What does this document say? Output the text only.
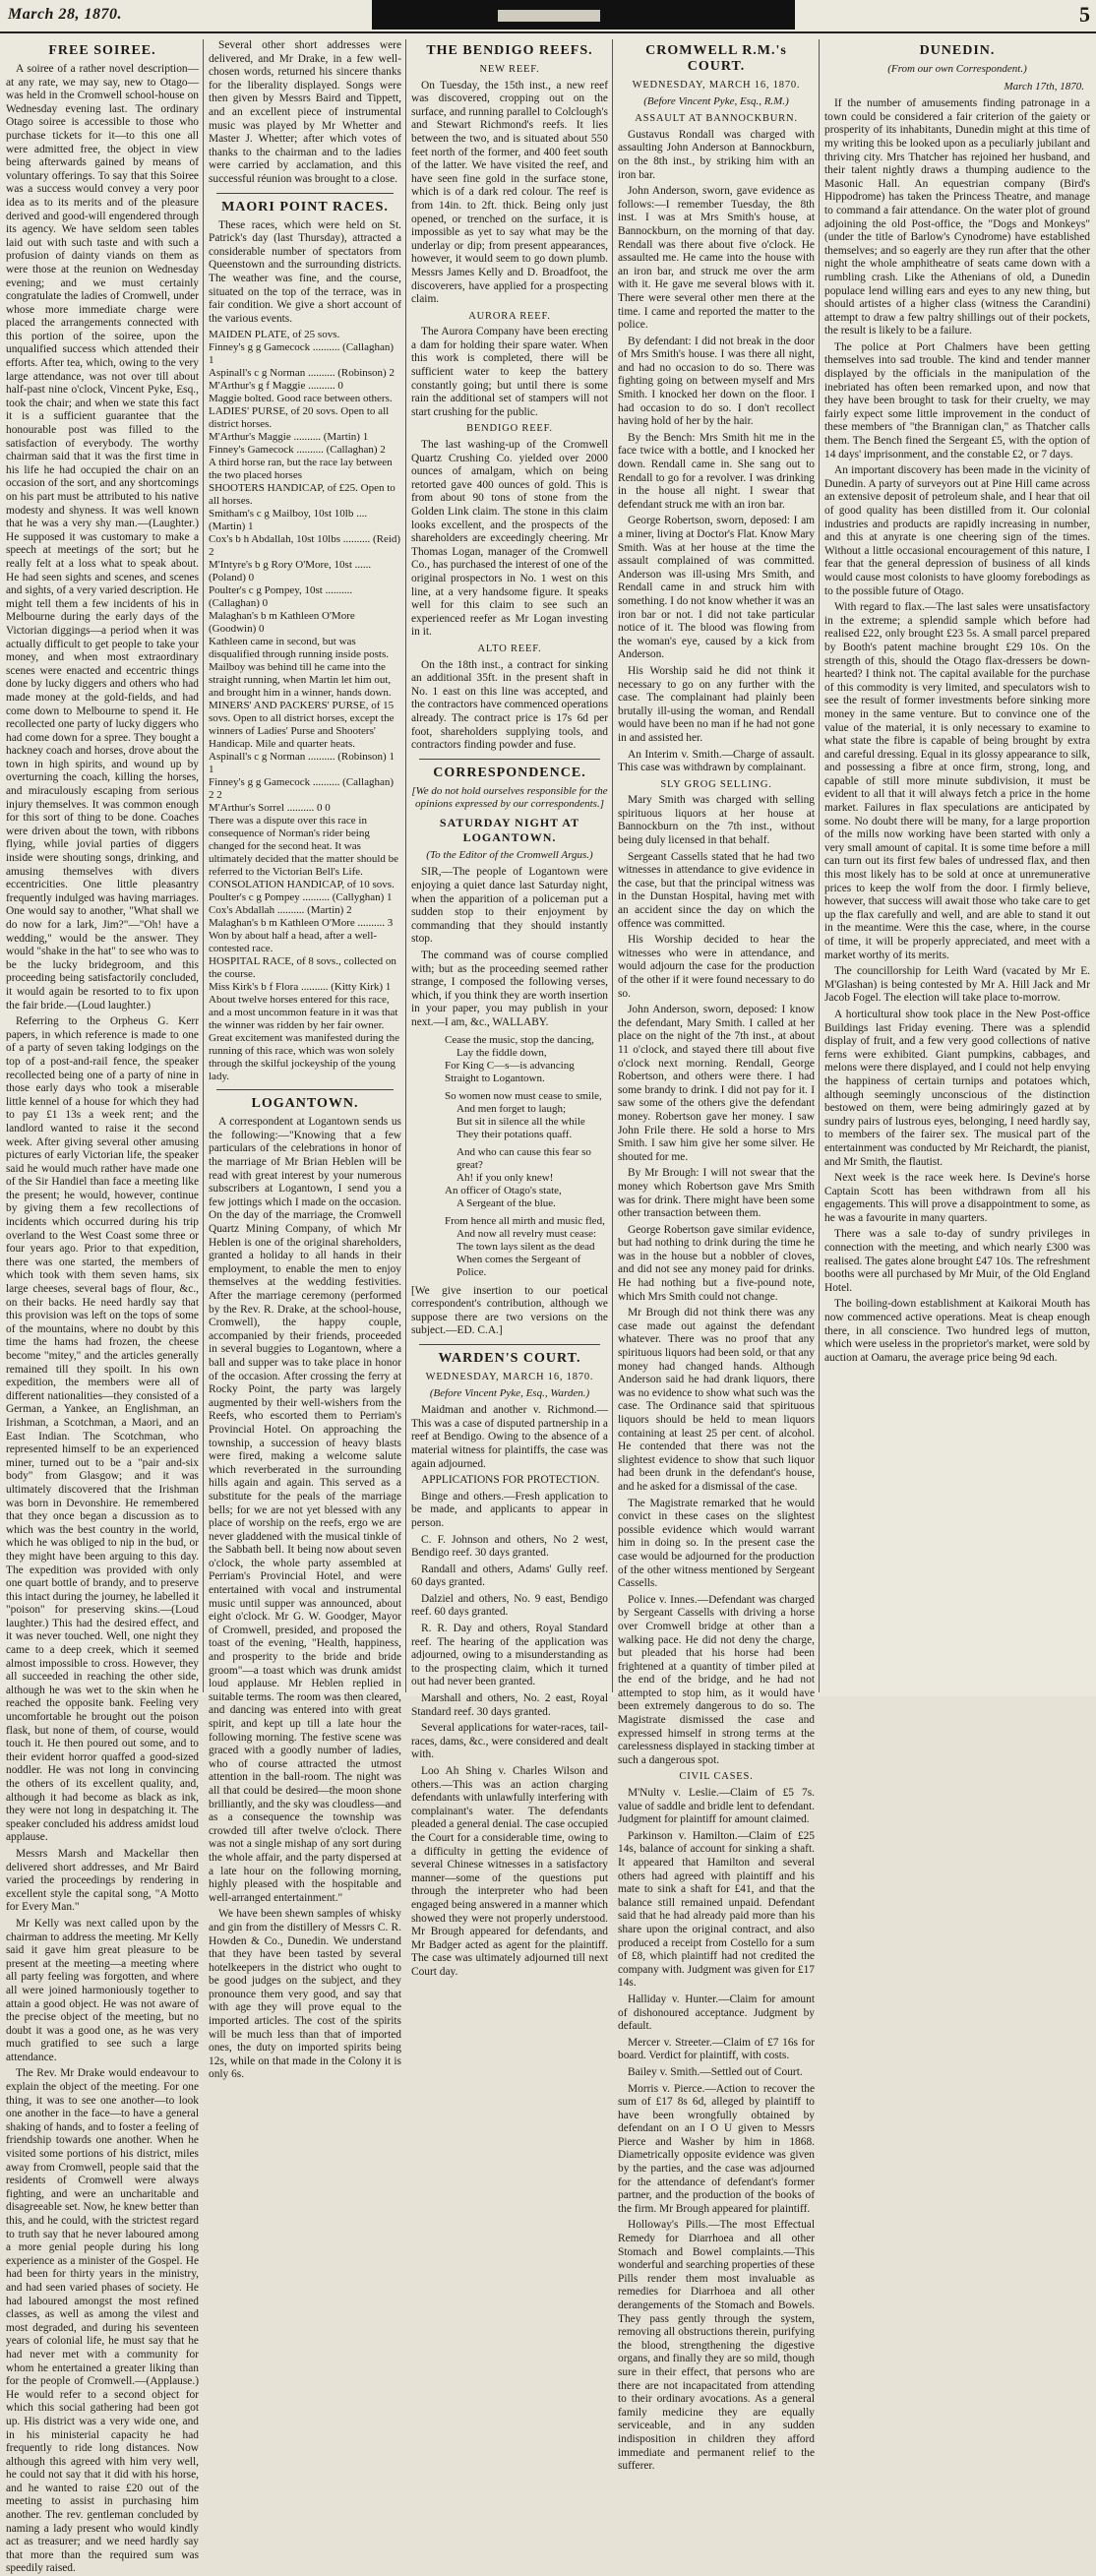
March 28, 1870.	5
FREE SOIREE.

A soiree of a rather novel description—at any rate, we may say, new to Otago—was held in the Cromwell school-house on Wednesday evening last. The ordinary Otago soiree is accessible to those who purchase tickets for it—to this one all were admitted free, the object in view being afterwards gained by means of voluntary offerings. To say that this Soiree was a success would convey a very poor idea as to its merits and of the pleasure derived and good-will engendered through its agency. We have seldom seen tables laid out with such taste and with such a profusion of dainty viands on them as were those at the reunion on Wednesday evening; and we must certainly congratulate the ladies of Cromwell, under whose more immediate charge were placed the arrangements connected with this portion of the soiree, upon the unqualified success which attended their efforts. After tea, which, owing to the very large attendance, was not over till about half-past nine o'clock, Vincent Pyke, Esq., took the chair; and when we state this fact it is a sufficient guarantee that the honourable post was filled to the satisfaction of everybody. The worthy chairman said that it was the first time in his life he had occupied the chair on an occasion of the sort, and any shortcomings on his part must be attributed to his native modesty and shyness. It was well known that he was a very shy man.—(Laughter.) He supposed it was customary to make a speech at meetings of the sort; but he really felt at a loss what to speak about. He had seen sights and scenes, and scenes and sights, of a very varied description. He might tell them a few incidents of his in Melbourne during the early days of the Victorian diggings—a period when it was actually difficult to get people to take your money, and when most extraordinary scenes were enacted and eccentric things done by lucky diggers and others who had made money at the gold-fields, and had come down to Melbourne to spend it. He recollected one party of lucky diggers who had come down for a spree. They bought a hackney coach and horses, drove about the town in high spirits, and wound up by overturning the coach, killing the horses, and miraculously escaping from serious injury themselves. It was common enough for this sort of thing to be done. Coaches were driven about the town, with ribbons flying, while jovial parties of diggers inside were shouting songs, drinking, and amusing themselves with divers eccentricities. One little pleasantry frequently indulged was having marriages. One would say to another, "What shall we do now for a lark, Jim?"—"Oh! have a wedding," would be the answer. They would "shake in the hat" to see who was to be the lucky bridegroom, and this proceeding being satisfactorily concluded, it would again be resorted to to fix upon the fair bride.—(Loud laughter.)

Referring to the Orpheus G. Kerr papers, in which reference is made to one of a party of seven taking lodgings on the top of a post-and-rail fence, the speaker recollected being one of a party of nine in those early days who took a miserable little kennel of a house for which they had to pay £1 13s a week rent; and the landlord wanted to raise it the second week. After giving several other amusing pictures of early Victorian life, the speaker said he would much rather have made one of the Sir Handiel than face a meeting like the present; he would, however, continue by giving them a few recollections of incidents which occurred during his trip overland to the West Coast some three or four years ago. Prior to that expedition, there was one started, the members of which took with them seven hams, six large cheeses, several bags of flour, &c., on their backs. He need hardly say that this provision was left on the tops of some of the mountains, where no doubt by this time the hams had frozen, the cheese become "mitey," and the articles generally remained till they spoilt. In his own expedition, the members were all of different nationalities—they consisted of a German, a Yankee, an Englishman, an Irishman, a Scotchman, a Maori, and an East Indian. The Scotchman, who represented himself to be an experienced miner, turned out to be a "pair and-six body" from Glasgow; and it was ultimately discovered that the Irishman was born in Devonshire. He remembered that they once began a discussion as to which was the best country in the world, which he was obliged to nip in the bud, or they might have been arguing to this day. The expedition was provided with only one quart bottle of brandy, and to preserve this intact during the journey, he labelled it "poison" for preserving skins.—(Loud laughter.) This had the desired effect, and it was never touched. Well, one night they came to a deep creek, which it seemed almost impossible to cross. However, they all succeeded in reaching the other side, although he was wet to the skin when he reached the opposite bank. Feeling very uncomfortable he brought out the poison flask, but none of them, of course, would touch it. He then poured out some, and to their evident horror quaffed a good-sized noddler. He was not long in convincing the others of its excellent quality, and, although it had become as black as ink, they were not long in despatching it. The speaker concluded his address amidst loud applause.

Messrs Marsh and Mackellar then delivered short addresses, and Mr Baird varied the proceedings by rendering in excellent style the capital song, "A Motto for Every Man."

Mr Kelly was next called upon by the chairman to address the meeting. Mr Kelly said it gave him great pleasure to be present at the meeting—a meeting where all party feeling was forgotten, and where all were joined harmoniously together to attain a good object. He was not aware of the precise object of the meeting, but no doubt it was a good one, as he was very much gratified to see such a large attendance.

The Rev. Mr Drake would endeavour to explain the object of the meeting. For one thing, it was to see one another—to look one another in the face—to have a general shaking of hands, and to foster a feeling of friendship towards one another. When he visited some portions of his district, miles away from Cromwell, people said that the residents of Cromwell were always fighting, and were an uncharitable and disagreeable set. Now, he knew better than this, and he could, with the strictest regard to truth say that he never laboured among a more genial people during his long experience as a minister of the Gospel. He had been for thirty years in the ministry, and had seen varied phases of society. He had laboured amongst the most refined classes, as well as among the vilest and most degraded, and during his seventeen years of colonial life, he must say that he had never met with a community for whom he entertained a greater liking than for the people of Cromwell.—(Applause.) He would refer to a second object for which this social gathering had been got up. His district was a very wide one, and in his ministerial capacity he had frequently to ride long distances. Now although this agreed with him very well, he could not say that it did with his horse, and he wanted to raise £20 out of the meeting to assist in purchasing him another. The rev. gentleman concluded by naming a lady present who would kindly act as treasurer; and we need hardly say that more than the required sum was speedily raised.

Several other short addresses were delivered, and Mr Drake, in a few well-chosen words, returned his sincere thanks for the liberality displayed. Songs were then given by Messrs Baird and Tippett, and an excellent piece of instrumental music was played by Mr Whetter and Master J. Whetter; after which votes of thanks to the chairman and to the ladies were carried by acclamation, and this successful réunion was brought to a close.

MAORI POINT RACES.

These races, which were held on St. Patrick's day (last Thursday), attracted a considerable number of spectators from Queenstown and the surrounding districts. The weather was fine, and the course, situated on the top of the terrace, was in fair condition. We give a short account of the various events.

MAIDEN PLATE, of 25 sovs.
Finney's g g Gamecock .......... (Callaghan) 1
Aspinall's c g Norman .......... (Robinson) 2
M'Arthur's g f Maggie .......... 0
Maggie bolted. Good race between others.
LADIES' PURSE, of 20 sovs. Open to all district horses.
M'Arthur's Maggie .......... (Martin) 1
Finney's Gamecock .......... (Callaghan) 2
A third horse ran, but the race lay between the two placed horses
SHOOTERS HANDICAP, of £25. Open to all horses.
Smitham's c g Mailboy, 10st 10lb .... (Martin) 1
Cox's b h Abdallah, 10st 10lbs .......... (Reid) 2
M'Intyre's b g Rory O'More, 10st ...... (Poland) 0
Poulter's c g Pompey, 10st .......... (Callaghan) 0
Malaghan's b m Kathleen O'More (Goodwin) 0
Kathleen came in second, but was disqualified through running inside posts. Mailboy was behind till he came into the straight running, when Martin let him out, and brought him in a winner, hands down.
MINERS' AND PACKERS' PURSE, of 15 sovs. Open to all district horses, except the winners of Ladies' Purse and Shooters' Handicap. Mile and quarter heats.
Aspinall's c g Norman .......... (Robinson) 1 1
Finney's g g Gamecock .......... (Callaghan) 2 2
M'Arthur's Sorrel .......... 0 0
There was a dispute over this race in consequence of Norman's rider being changed for the second heat. It was ultimately decided that the matter should be referred to the Victorian Bell's Life.
CONSOLATION HANDICAP, of 10 sovs.
Poulter's c g Pompey .......... (Callyghan) 1
Cox's Abdallah .......... (Martin) 2
Malaghan's b m Kathleen O'More .......... 3
Won by about half a head, after a well-contested race.
HOSPITAL RACE, of 8 sovs., collected on the course.
Miss Kirk's b f Flora .......... (Kitty Kirk) 1
About twelve horses entered for this race, and a most uncommon feature in it was that the winner was ridden by her fair owner. Great excitement was manifested during the running of this race, which was won solely through the skilful jockeyship of the young lady.
LOGANTOWN.

A correspondent at Logantown sends us the following:—"Knowing that a few particulars of the celebrations in honor of the marriage of Mr Brian Heblen will be read with great interest by your numerous subscribers at Logantown, I send you a few jottings which I made on the occasion. On the day of the marriage, the Cromwell Quartz Mining Company, of which Mr Heblen is one of the original shareholders, granted a holiday to all hands in their employment, to enable the men to enjoy themselves at the wedding festivities. After the marriage ceremony (performed by the Rev. R. Drake, at the school-house, Cromwell), the happy couple, accompanied by their friends, proceeded in several buggies to Logantown, where a ball and supper was to take place in honor of the occasion. After crossing the ferry at Rocky Point, the party was largely augmented by their well-wishers from the Reefs, who escorted them to Perriam's Provincial Hotel. On approaching the township, a succession of heavy blasts were fired, making a welcome salute which reverberated in the surrounding hills again and again. This served as a substitute for the peals of the marriage bells; for we are not yet blessed with any place of worship on the reefs, ergo we are never gladdened with the musical tinkle of the Sabbath bell. It being now about seven o'clock, the whole party assembled at Perriam's Provincial Hotel, and were entertained with vocal and instrumental music until supper was announced, about eight o'clock. Mr G. W. Goodger, Mayor of Cromwell, presided, and proposed the toast of the evening, "Health, happiness, and prosperity to the bride and bride groom"—a toast which was drunk amidst loud applause. Mr Heblen replied in suitable terms. The room was then cleared, and dancing was entered into with great spirit, and kept up till a late hour the following morning. The festive scene was graced with a goodly number of ladies, who of course attracted the utmost attention in the ball-room. The night was all that could be desired—the moon shone brilliantly, and the sky was cloudless—and as a consequence the township was crowded till after twelve o'clock. There was not a single mishap of any sort during the whole affair, and the party dispersed at a late hour on the following morning, highly pleased with the hospitable and well-arranged entertainment."

We have been shewn samples of whisky and gin from the distillery of Messrs C. R. Howden & Co., Dunedin. We understand that they have been tasted by several hotelkeepers in the district who ought to be good judges on the subject, and they pronounce them very good, and say that with age they will prove equal to the imported articles. The cost of the spirits will be much less than that of imported ones, the duty on imported spirits being 12s, while on that made in the Colony it is only 6s.

THE BENDIGO REEFS.
NEW REEF.

On Tuesday, the 15th inst., a new reef was discovered, cropping out on the surface, and running parallel to Colclough's and Stewart Richmond's reefs. It lies between the two, and is situated about 550 feet north of the former, and 400 feet south of the latter. We have visited the reef, and have seen fine gold in the surface stone, which is of a dark red colour. The reef is from 14in. to 2ft. thick. Being only just opened, or trenched on the surface, it is impossible as yet to say what may be the underlay or dip; from present appearances, however, it would seem to go down plumb. Messrs James Kelly and D. Broadfoot, the discoverers, have applied for a prospecting claim.

AURORA REEF.

The Aurora Company have been erecting a dam for holding their spare water. When this work is completed, there will be sufficient water to keep the battery constantly going; but until there is some rain the additional set of stampers will not start crushing for the public.

BENDIGO REEF.

The last washing-up of the Cromwell Quartz Crushing Co. yielded over 2000 ounces of amalgam, which on being retorted gave 400 ounces of gold. This is from about 90 tons of stone from the Golden Link claim. The stone in this claim looks excellent, and the prospects of the shareholders are exceedingly cheering. Mr Thomas Logan, manager of the Cromwell Co., has purchased the interest of one of the original prospectors in No. 1 west on this line, at a very handsome figure. It speaks well for this claim to see such an experienced reefer as Mr Logan investing in it.

ALTO REEF.

On the 18th inst., a contract for sinking an additional 35ft. in the present shaft in No. 1 east on this line was accepted, and the contractors have commenced operations already. The contract price is 17s 6d per foot, shareholders supplying tools, and contractors finding powder and fuse.

CORRESPONDENCE.
[We do not hold ourselves responsible for the opinions expressed by our correspondents.]
SATURDAY NIGHT AT LOGANTOWN.
(To the Editor of the Cromwell Argus.)

SIR,—The people of Logantown were enjoying a quiet dance last Saturday night, when the apparition of a policeman put a sudden stop to their enjoyment by commanding that they should instantly stop.

The command was of course complied with; but as the proceeding seemed rather strange, I composed the following verses, which, if you think they are worth insertion in your paper, you may publish in your next.—I am, &c., WALLABY.

Cease the music, stop the dancing,
Lay the fiddle down,
For King C—s—is advancing
Straight to Logantown.
So women now must cease to smile,
And men forget to laugh;
But sit in silence all the while
They their potations quaff.
And who can cause this fear so great?
Ah! if you only knew!
An officer of Otago's state,
A Sergeant of the blue.
From hence all mirth and music fled,
And now all revelry must cease:
The town lays silent as the dead
When comes the Sergeant of Police.

[We give insertion to our poetical correspondent's contribution, although we suppose there are two versions on the subject.—ED. C.A.]

WARDEN'S COURT.
WEDNESDAY, MARCH 16, 1870.
(Before Vincent Pyke, Esq., Warden.)

Maidman and another v. Richmond.—This was a case of disputed partnership in a reef at Bendigo. Owing to the absence of a material witness for plaintiffs, the case was again adjourned.

APPLICATIONS FOR PROTECTION.

Binge and others.—Fresh application to be made, and applicants to appear in person.

C. F. Johnson and others, No 2 west, Bendigo reef. 30 days granted.

Randall and others, Adams' Gully reef. 60 days granted.

Dalziel and others, No. 9 east, Bendigo reef. 60 days granted.

R. R. Day and others, Royal Standard reef. The hearing of the application was adjourned, owing to a misunderstanding as to the prospecting claim, which it turned out had never been granted.

Marshall and others, No. 2 east, Royal Standard reef. 30 days granted.

Several applications for water-races, tail-races, dams, &c., were considered and dealt with.

Loo Ah Shing v. Charles Wilson and others.—This was an action charging defendants with unlawfully interfering with complainant's water. The defendants pleaded a general denial. The case occupied the Court for a considerable time, owing to a difficulty in getting the evidence of several Chinese witnesses in a satisfactory manner—some of the questions put through the interpreter who had been engaged being answered in a manner which showed they were not properly understood. Mr Brough appeared for defendants, and Mr Badger acted as agent for the plaintiff. The case was ultimately adjourned till next Court day.

CROMWELL R.M.'s COURT.
WEDNESDAY, MARCH 16, 1870.
(Before Vincent Pyke, Esq., R.M.)
ASSAULT AT BANNOCKBURN.

Gustavus Rondall was charged with assaulting John Anderson at Bannockburn, on the 8th inst., by striking him with an iron bar.

John Anderson, sworn, gave evidence as follows:—I remember Tuesday, the 8th inst. I was at Mrs Smith's house, at Bannockburn, on the morning of that day. Rendall was there about five o'clock. He assaulted me. He came into the house with an iron bar, and struck me over the arm with it. He gave me several blows with it. There were several other men there at the time. I came and reported the matter to the police.

By defendant: I did not break in the door of Mrs Smith's house. I was there all night, and had no occasion to do so. There was fighting going on between myself and Mrs Smith. I knocked her down on the floor. I had occasion to do so. I don't recollect having hold of her by the hair.

By the Bench: Mrs Smith hit me in the face twice with a bottle, and I knocked her down. Rendall came in. She sang out to Rendall to go for a revolver. I was drinking in the house all night. I swear that defendant struck me with an iron bar.

George Robertson, sworn, deposed: I am a miner, living at Doctor's Flat. Know Mary Smith. Was at her house at the time the assault complained of was committed. Anderson was ill-using Mrs Smith, and Rendall came in and struck him with something. I do not know whether it was an iron bar or not. I did not take particular notice of it. The blood was flowing from the woman's eye, caused by a kick from Anderson.

His Worship said he did not think it necessary to go on any further with the case. The complainant had plainly been brutally ill-using the woman, and Rendall would have been no man if he had not gone in and assisted her.

An Interim v. Smith.—Charge of assault. This case was withdrawn by complainant.

SLY GROG SELLING.

Mary Smith was charged with selling spirituous liquors at her house at Bannockburn on the 7th inst., without being duly licensed in that behalf.

Sergeant Cassells stated that he had two witnesses in attendance to give evidence in the case, but that the principal witness was in the Dunstan Hospital, having met with an accident since the day on which the offence was committed.

His Worship decided to hear the witnesses who were in attendance, and would adjourn the case for the production of the other if it were found necessary to do so.

John Anderson, sworn, deposed: I know the defendant, Mary Smith. I called at her place on the night of the 7th inst., at about 11 o'clock, and stayed there till about five o'clock next morning. Rendall, George Robertson, and others were there. I had some brandy to drink. I did not pay for it. I saw some of the others give the defendant money. Robertson gave her money. I saw John Frile there. He sold a horse to Mrs Smith. I saw him give her some silver. He shouted for me.

By Mr Brough: I will not swear that the money which Robertson gave Mrs Smith was for drink. There might have been some other transaction between them.

George Robertson gave similar evidence, but had nothing to drink during the time he was in the house but a nobbler of cloves, and did not see any money paid for drinks. He had nothing but a five-pound note, which Mrs Smith could not change.

Mr Brough did not think there was any case made out against the defendant whatever. There was no proof that any spirituous liquors had been sold, or that any money had changed hands. Although Anderson said he had drank liquors, there was no evidence to show what such was the case. The Ordinance said that spirituous liquors should be held to mean liquors containing at least 25 per cent. of alcohol. He contended that there was not the slightest evidence to show that such liquor had been drunk in the defendant's house, and he asked for a dismissal of the case.

The Magistrate remarked that he would convict in these cases on the slightest possible evidence which would warrant him in doing so. In the present case the case would be adjourned for the production of the other witness mentioned by Sergeant Cassells.

Police v. Innes.—Defendant was charged by Sergeant Cassells with driving a horse over Cromwell bridge at other than a walking pace. He did not deny the charge, but pleaded that his horse had been frightened at a quantity of timber piled at the end of the bridge, and he had not attempted to stop him, as it would have been extremely dangerous to do so. The Magistrate dismissed the case and expressed himself in strong terms at the carelessness displayed in stacking timber at such a dangerous spot.

CIVIL CASES.

M'Nulty v. Leslie.—Claim of £5 7s. value of saddle and bridle lent to defendant. Judgment for plaintiff for amount claimed.

Parkinson v. Hamilton.—Claim of £25 14s, balance of account for sinking a shaft. It appeared that Hamilton and several others had agreed with plaintiff and his mate to sink a shaft for £41, and that the balance still remained unpaid. Defendant said that he had already paid more than his share upon the original contract, and also produced a receipt from Costello for a sum of £8, which plaintiff had not credited the company with. Judgment was given for £17 14s.

Halliday v. Hunter.—Claim for amount of dishonoured acceptance. Judgment by default.

Mercer v. Streeter.—Claim of £7 16s for board. Verdict for plaintiff, with costs.

Bailey v. Smith.—Settled out of Court.

Morris v. Pierce.—Action to recover the sum of £17 8s 6d, alleged by plaintiff to have been wrongfully obtained by defendant on an I O U given to Messrs Pierce and Washer by him in 1868. Diametrically opposite evidence was given by the parties, and the case was adjourned for the attendance of defendant's former partner, and the production of the books of the firm. Mr Brough appeared for plaintiff.

Holloway's Pills.—The most Effectual Remedy for Diarrhoea and all other Stomach and Bowel complaints.—This wonderful and searching properties of these Pills render them most invaluable as remedies for Diarrhoea and all other derangements of the Stomach and Bowels. They pass gently through the system, removing all obstructions therein, purifying the blood, strengthening the digestive organs, and finally they are so mild, though sure in their effect, that persons who are there are not incapacitated from attending to their ordinary avocations. As a general family medicine they are equally serviceable, and in any sudden indisposition in children they afford immediate and permanent relief to the sufferer.

DUNEDIN.
(From our own Correspondent.)
March 17th, 1870.

If the number of amusements finding patronage in a town could be considered a fair criterion of the gaiety or prosperity of its inhabitants, Dunedin might at this time of my writing this be looked upon as a peculiarly jubilant and thriving city. Mrs Thatcher has rejoined her husband, and their talent nightly draws a thumping audience to the Masonic Hall. An equestrian company (Bird's Hippodrome) has taken the Princess Theatre, and manage to command a fair attendance. On the water plot of ground adjoining the old Post-office, the "Dogs and Monkeys" (under the title of Barlow's Cynodrome) have established themselves; and so eagerly are they run after that the other night the whole amphitheatre of seats came down with a rumbling crash. Like the Athenians of old, a Dunedin populace lend willing ears and eyes to any new thing, but should artistes of a higher class (witness the Carandini) attempt to draw a few paltry shillings out of their pockets, the result is likely to be a failure.

The police at Port Chalmers have been getting themselves into sad trouble. The kind and tender manner displayed by the officials in the manipulation of the inebriated has often been remarked upon, and now that they have been brought to task for their cruelty, we may fairly expect some little improvement in the conduct of these members of "the Brannigan clan," as Thatcher calls them. The Bench fined the Sergeant £5, with the option of 14 days' imprisonment, and the constable £2, or 7 days.

An important discovery has been made in the vicinity of Dunedin. A party of surveyors out at Pine Hill came across an extensive deposit of petroleum shale, and I hear that oil of good quality has been distilled from it. Our colonial industries and products are rapidly increasing in number, and this at anyrate is one cheering sign of the times. Without a little occasional encouragement of this nature, I fear that the general depression of business of all kinds would cause most colonists to have gloomy forebodings as to the possible future of Otago.

With regard to flax.—The last sales were unsatisfactory in the extreme; a splendid sample which before had realised £22, only brought £23 5s. A small parcel prepared by Booth's patent machine brought £29 10s. On the strength of this, should the Otago flax-dressers be down-hearted? I think not. The capital available for the purchase of this commodity is very limited, and speculators wish to see the result of former investments before sinking more money in the same venture. But to convince one of the value of the material, it is only necessary to examine to what state the fibre is capable of being brought by extra and careful dressing. Equal in its glossy appearance to silk, and possessing a fibre at once firm, strong, long, and capable of still more minute subdivision, it must be evident to all that it will always fetch a price in the home market. Failures in flax speculations are anticipated by some. No doubt there will be many, for a large proportion of the mills now working have been started with only a very small amount of capital. It is some time before a mill can turn out its first few bales of undressed flax, and then this most likely has to be sold at once at unremunerative prices to keep the wolf from the door. I firmly believe, however, that success will await those who take care to get up the flax carefully and well, and are able to stand it out in the meantime. Were this the case, where, in the course of time, it will be properly appreciated, and meet with a market worthy of its merits.

The councillorship for Leith Ward (vacated by Mr E. M'Glashan) is being contested by Mr A. Hill Jack and Mr Jacob Fogel. The election will take place to-morrow.

A horticultural show took place in the New Post-office Buildings last Friday evening. There was a splendid display of fruit, and a few very good collections of native ferns were exhibited. Giant pumpkins, cabbages, and melons were there displayed, and I could not help envying the happiness of certain turnips and potatoes which, although seemingly unconscious of the distinction bestowed on them, were being admiringly gazed at by sundry pairs of lustrous eyes, belonging, I need hardly say, to members of the fairer sex. The musical part of the entertainment was conducted by Mr Reichardt, the pianist, and Mr Smith, the flautist.

Next week is the race week here. Is Devine's horse Captain Scott has been withdrawn from all his engagements. This will prove a disappointment to some, as he was a favourite in many quarters.

There was a sale to-day of sundry privileges in connection with the meeting, and which nearly £300 was realised. The gates alone brought £47 10s. The refreshment booths were all purchased by Mr Muir, of the Old England Hotel.

The boiling-down establishment at Kaikorai Mouth has now commenced active operations. Meat is cheap enough there, in all conscience. Two hundred legs of mutton, which were useless in the proprietor's market, were sold by auction at Oamaru, the average price being 9d each.
